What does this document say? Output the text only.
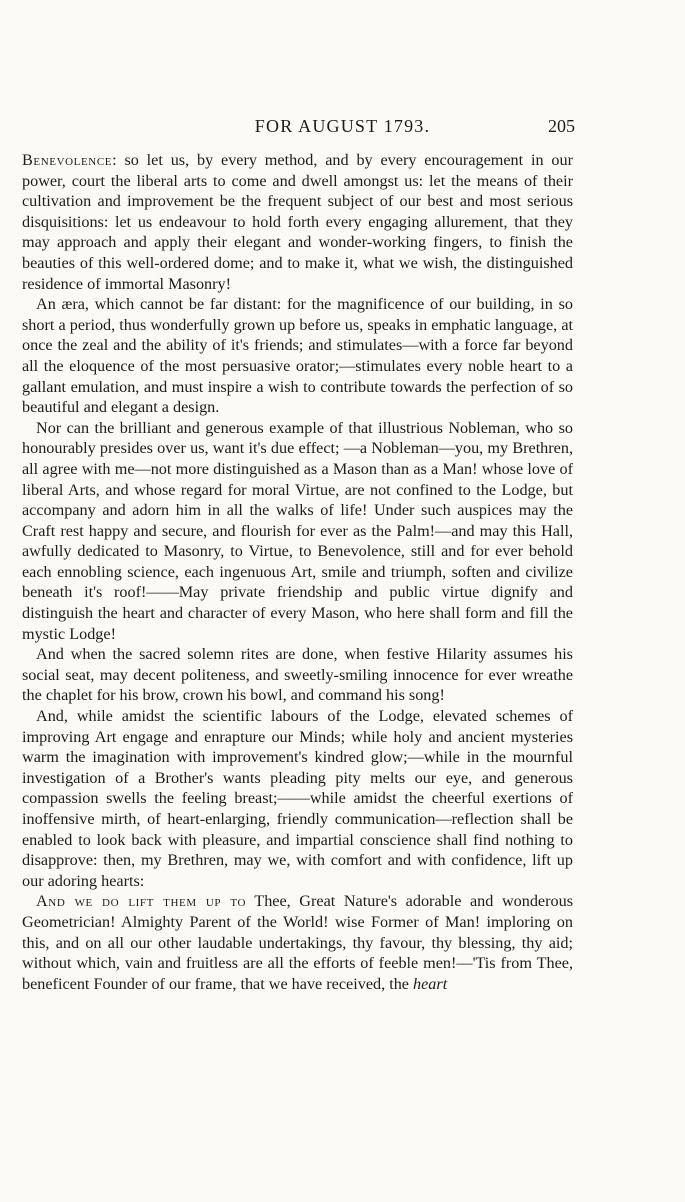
FOR AUGUST 1793.	205

Benevolence: so let us, by every method, and by every encouragement in our power, court the liberal arts to come and dwell amongst us: let the means of their cultivation and improvement be the frequent subject of our best and most serious disquisitions: let us endeavour to hold forth every engaging allurement, that they may approach and apply their elegant and wonder-working fingers, to finish the beauties of this well-ordered dome; and to make it, what we wish, the distinguished residence of immortal Masonry!

An æra, which cannot be far distant: for the magnificence of our building, in so short a period, thus wonderfully grown up before us, speaks in emphatic language, at once the zeal and the ability of it's friends; and stimulates—with a force far beyond all the eloquence of the most persuasive orator;—stimulates every noble heart to a gallant emulation, and must inspire a wish to contribute towards the perfection of so beautiful and elegant a design.

Nor can the brilliant and generous example of that illustrious Nobleman, who so honourably presides over us, want it's due effect; —a Nobleman—you, my Brethren, all agree with me—not more distinguished as a Mason than as a Man! whose love of liberal Arts, and whose regard for moral Virtue, are not confined to the Lodge, but accompany and adorn him in all the walks of life! Under such auspices may the Craft rest happy and secure, and flourish for ever as the Palm!—and may this Hall, awfully dedicated to Masonry, to Virtue, to Benevolence, still and for ever behold each ennobling science, each ingenuous Art, smile and triumph, soften and civilize beneath it's roof!——May private friendship and public virtue dignify and distinguish the heart and character of every Mason, who here shall form and fill the mystic Lodge!

And when the sacred solemn rites are done, when festive Hilarity assumes his social seat, may decent politeness, and sweetly-smiling innocence for ever wreathe the chaplet for his brow, crown his bowl, and command his song!

And, while amidst the scientific labours of the Lodge, elevated schemes of improving Art engage and enrapture our Minds; while holy and ancient mysteries warm the imagination with improvement's kindred glow;—while in the mournful investigation of a Brother's wants pleading pity melts our eye, and generous compassion swells the feeling breast;——while amidst the cheerful exertions of inoffensive mirth, of heart-enlarging, friendly communication—reflection shall be enabled to look back with pleasure, and impartial conscience shall find nothing to disapprove: then, my Brethren, may we, with comfort and with confidence, lift up our adoring hearts:

And we do lift them up to Thee, Great Nature's adorable and wonderous Geometrician! Almighty Parent of the World! wise Former of Man! imploring on this, and on all our other laudable undertakings, thy favour, thy blessing, thy aid; without which, vain and fruitless are all the efforts of feeble men!—'Tis from Thee, beneficent Founder of our frame, that we have received, the heart
